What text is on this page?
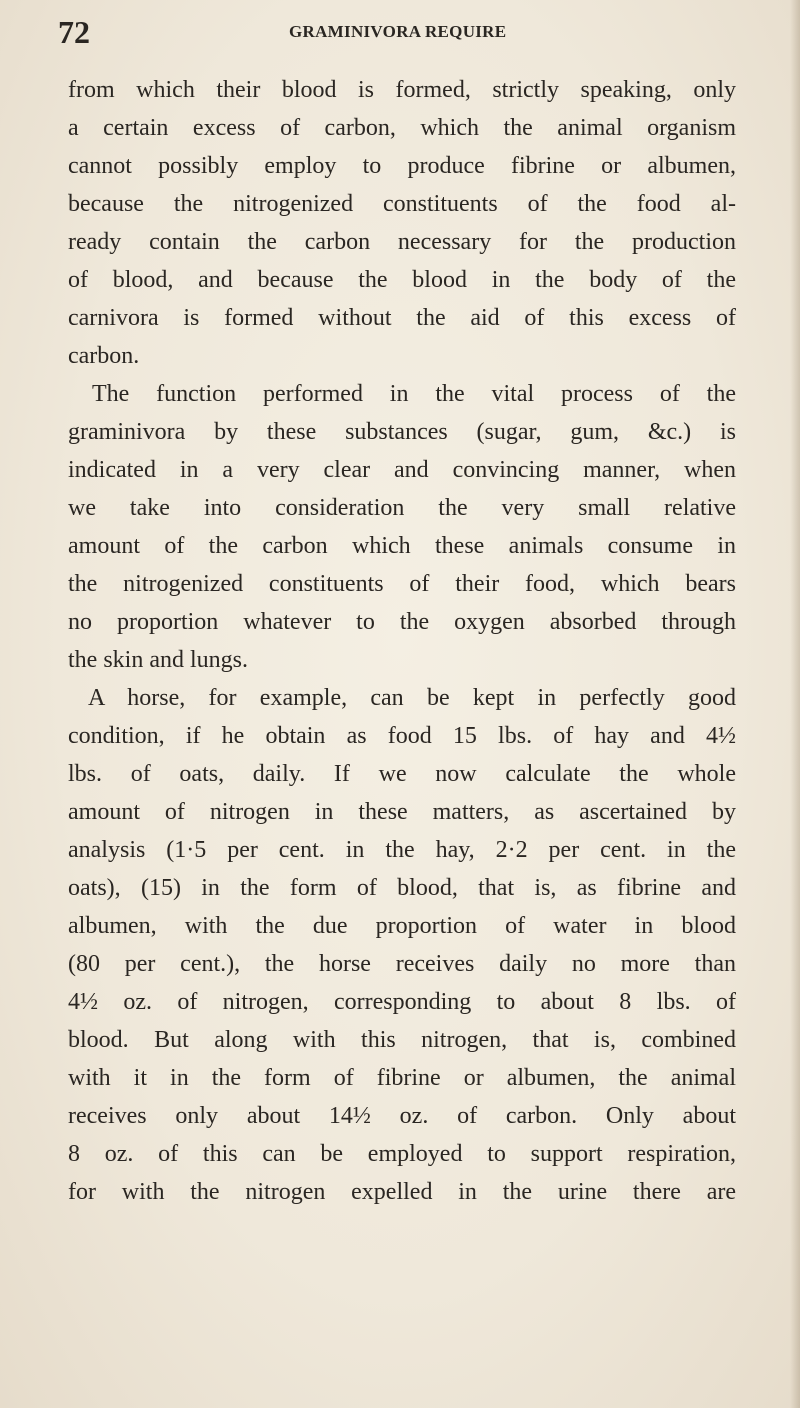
72	GRAMINIVORA REQUIRE
from which their blood is formed, strictly speaking, only
a certain excess of carbon, which the animal organism
cannot possibly employ to produce fibrine or albumen,
because the nitrogenized constituents of the food al-
ready contain the carbon necessary for the production
of blood, and because the blood in the body of the
carnivora is formed without the aid of this excess of
carbon.
The function performed in the vital process of the
graminivora by these substances (sugar, gum, &c.) is
indicated in a very clear and convincing manner, when
we take into consideration the very small relative
amount of the carbon which these animals consume in
the nitrogenized constituents of their food, which bears
no proportion whatever to the oxygen absorbed through
the skin and lungs.
A horse, for example, can be kept in perfectly good
condition, if he obtain as food 15 lbs. of hay and 4½
lbs. of oats, daily. If we now calculate the whole
amount of nitrogen in these matters, as ascertained by
analysis (1·5 per cent. in the hay, 2·2 per cent. in the
oats), (15) in the form of blood, that is, as fibrine and
albumen, with the due proportion of water in blood
(80 per cent.), the horse receives daily no more than
4½ oz. of nitrogen, corresponding to about 8 lbs. of
blood. But along with this nitrogen, that is, combined
with it in the form of fibrine or albumen, the animal
receives only about 14½ oz. of carbon. Only about
8 oz. of this can be employed to support respiration,
for with the nitrogen expelled in the urine there are
